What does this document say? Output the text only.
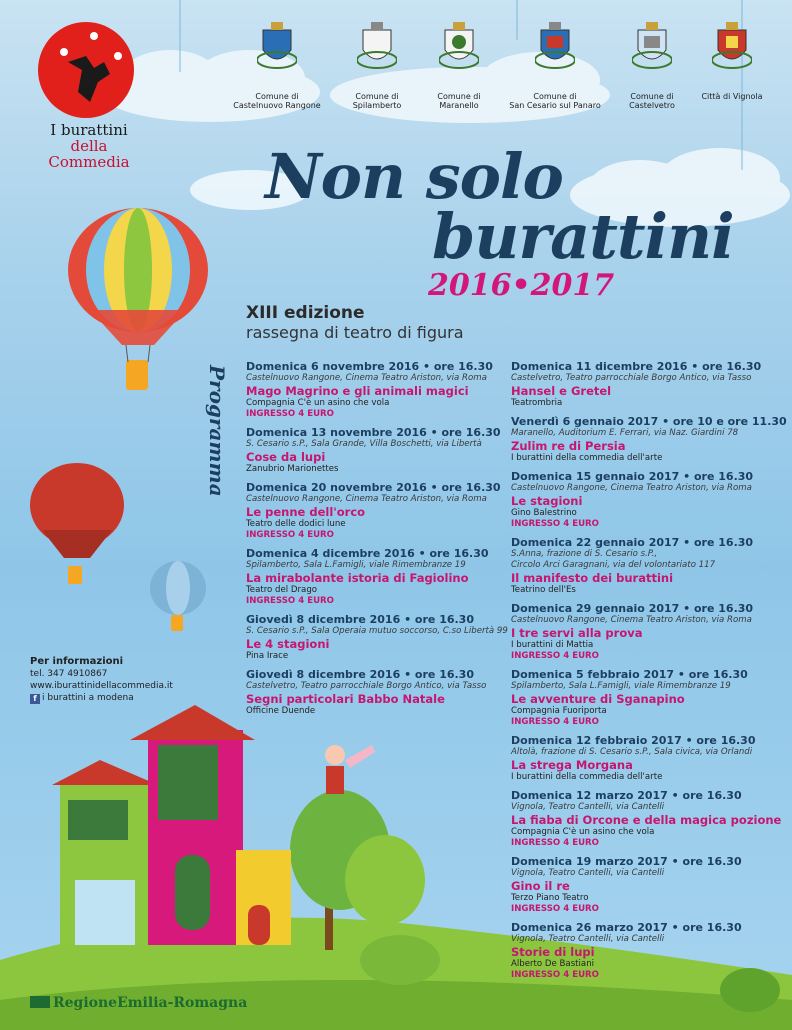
I burattini
della Commedia
Comune di
Castelnuovo Rangone
Comune di
Spilamberto
Comune di
Maranello
Comune di
San Cesario sul Panaro
Comune di
Castelvetro
Città di Vignola
Non solo
burattini
2016•2017
XIII edizione
rassegna di teatro di figura
Programma Domenica 6 novembre 2016 • ore 16.30
Castelnuovo Rangone, Cinema Teatro Ariston, via Roma
Mago Magrino e gli animali magici
Compagnia C'è un asino che vola
INGRESSO 4 EURO
Domenica 13 novembre 2016 • ore 16.30
S. Cesario s.P., Sala Grande, Villa Boschetti, via Libertà
Cose da lupi
Zanubrio Marionettes
Domenica 20 novembre 2016 • ore 16.30
Castelnuovo Rangone, Cinema Teatro Ariston, via Roma
Le penne dell'orco
Teatro delle dodici lune
INGRESSO 4 EURO
Domenica 4 dicembre 2016 • ore 16.30
Spilamberto, Sala L.Famigli, viale Rimembranze 19
La mirabolante istoria di Fagiolino
Teatro del Drago
INGRESSO 4 EURO
Giovedì 8 dicembre 2016 • ore 16.30
S. Cesario s.P., Sala Operaia mutuo soccorso, C.so Libertà 99
Le 4 stagioni
Pina Irace
Giovedì 8 dicembre 2016 • ore 16.30
Castelvetro, Teatro parrocchiale Borgo Antico, via Tasso
Segni particolari Babbo Natale
Officine Duende
Domenica 11 dicembre 2016 • ore 16.30
Castelvetro, Teatro parrocchiale Borgo Antico, via Tasso
Hansel e Gretel
Teatrombria
Venerdì 6 gennaio 2017 • ore 10 e ore 11.30
Maranello, Auditorium E. Ferrari, via Naz. Giardini 78
Zulim re di Persia
I burattini della commedia dell'arte
Domenica 15 gennaio 2017 • ore 16.30
Castelnuovo Rangone, Cinema Teatro Ariston, via Roma
Le stagioni
Gino Balestrino
INGRESSO 4 EURO
Domenica 22 gennaio 2017 • ore 16.30
S.Anna, frazione di S. Cesario s.P.,
Circolo Arci Garagnani, via del volontariato 117
Il manifesto dei burattini
Teatrino dell'Es
Domenica 29 gennaio 2017 • ore 16.30
Castelnuovo Rangone, Cinema Teatro Ariston, via Roma
I tre servi alla prova
I burattini di Mattia
INGRESSO 4 EURO
Domenica 5 febbraio 2017 • ore 16.30
Spilamberto, Sala L.Famigli, viale Rimembranze 19
Le avventure di Sganapino
Compagnia Fuoriporta
INGRESSO 4 EURO
Domenica 12 febbraio 2017 • ore 16.30
Altolà, frazione di S. Cesario s.P., Sala civica, via Orlandi
La strega Morgana
I burattini della commedia dell'arte
Domenica 12 marzo 2017 • ore 16.30
Vignola, Teatro Cantelli, via Cantelli
La fiaba di Orcone e della magica pozione
Compagnia C'è un asino che vola
INGRESSO 4 EURO
Domenica 19 marzo 2017 • ore 16.30
Vignola, Teatro Cantelli, via Cantelli
Gino il re
Terzo Piano Teatro
INGRESSO 4 EURO
Domenica 26 marzo 2017 • ore 16.30
Vignola, Teatro Cantelli, via Cantelli
Storie di lupi
Alberto De Bastiani
INGRESSO 4 EURO
Per informazioni
tel. 347 4910867
www.iburattinidellacommedia.it
f i burattini a modena
RegioneEmilia-Romagna
